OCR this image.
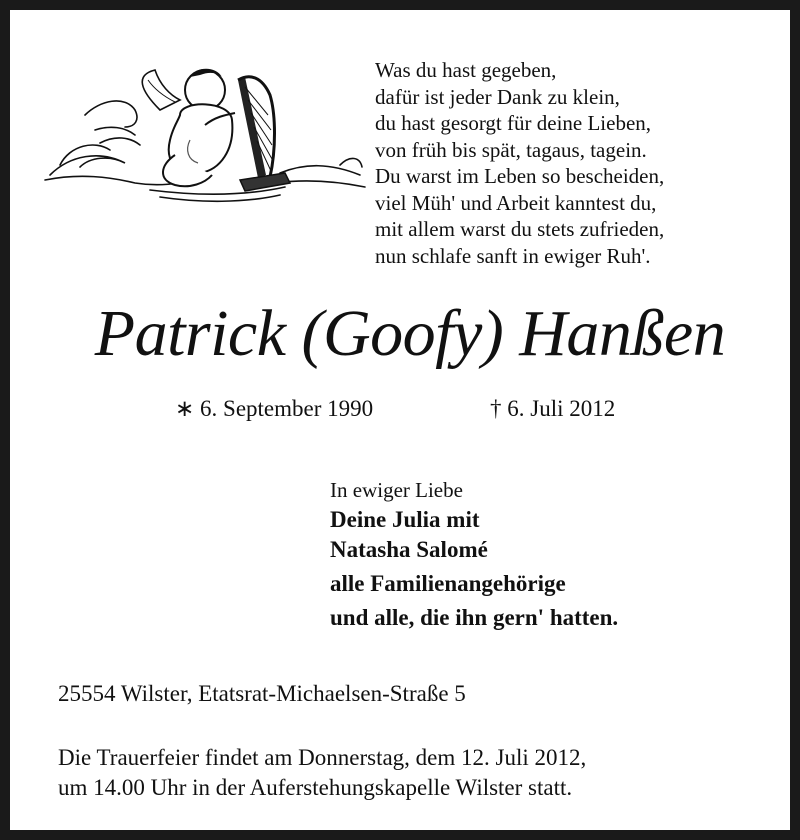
Was du hast gegeben,
dafür ist jeder Dank zu klein,
du hast gesorgt für deine Lieben,
von früh bis spät, tagaus, tagein.
Du warst im Leben so bescheiden,
viel Müh' und Arbeit kanntest du,
mit allem warst du stets zufrieden,
nun schlafe sanft in ewiger Ruh'.
Patrick (Goofy) Hanßen
∗ 6. September 1990	† 6. Juli 2012
In ewiger Liebe
Deine Julia mit
Natasha Salomé
alle Familienangehörige
und alle, die ihn gern' hatten.
25554 Wilster, Etatsrat-Michaelsen-Straße 5
Die Trauerfeier findet am Donnerstag, dem 12. Juli 2012,
um 14.00 Uhr in der Auferstehungskapelle Wilster statt.
